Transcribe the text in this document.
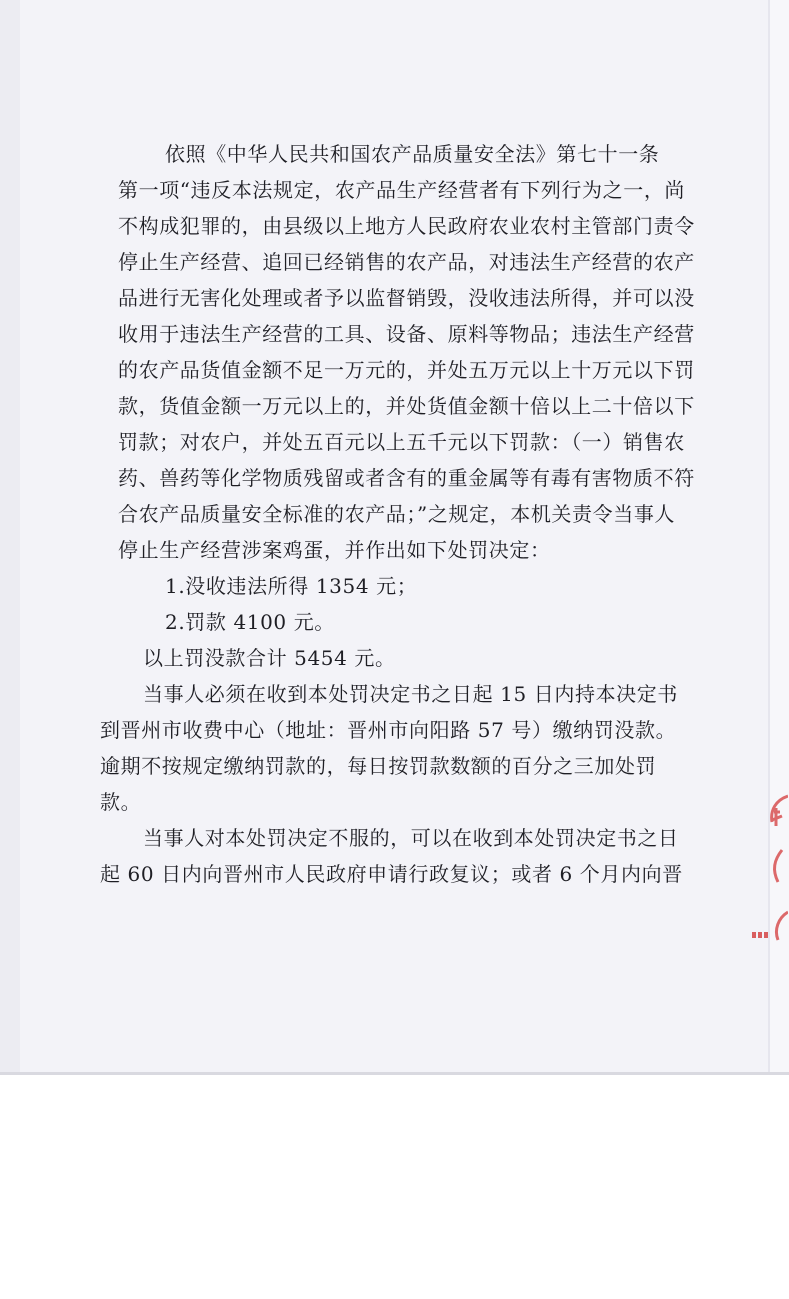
依照《中华人民共和国农产品质量安全法》第七十一条
第一项“违反本法规定，农产品生产经营者有下列行为之一，尚
不构成犯罪的，由县级以上地方人民政府农业农村主管部门责令
停止生产经营、追回已经销售的农产品，对违法生产经营的农产
品进行无害化处理或者予以监督销毁，没收违法所得，并可以没
收用于违法生产经营的工具、设备、原料等物品；违法生产经营
的农产品货值金额不足一万元的，并处五万元以上十万元以下罚
款，货值金额一万元以上的，并处货值金额十倍以上二十倍以下
罚款；对农户，并处五百元以上五千元以下罚款：（一）销售农
药、兽药等化学物质残留或者含有的重金属等有毒有害物质不符
合农产品质量安全标准的农产品；”之规定，本机关责令当事人
停止生产经营涉案鸡蛋，并作出如下处罚决定：
1.没收违法所得 1354 元；
2.罚款 4100 元。
以上罚没款合计 5454 元。
当事人必须在收到本处罚决定书之日起 15 日内持本决定书
到晋州市收费中心（地址：晋州市向阳路 57 号）缴纳罚没款。
逾期不按规定缴纳罚款的，每日按罚款数额的百分之三加处罚
款。
当事人对本处罚决定不服的，可以在收到本处罚决定书之日
起 60 日内向晋州市人民政府申请行政复议；或者 6 个月内向晋
